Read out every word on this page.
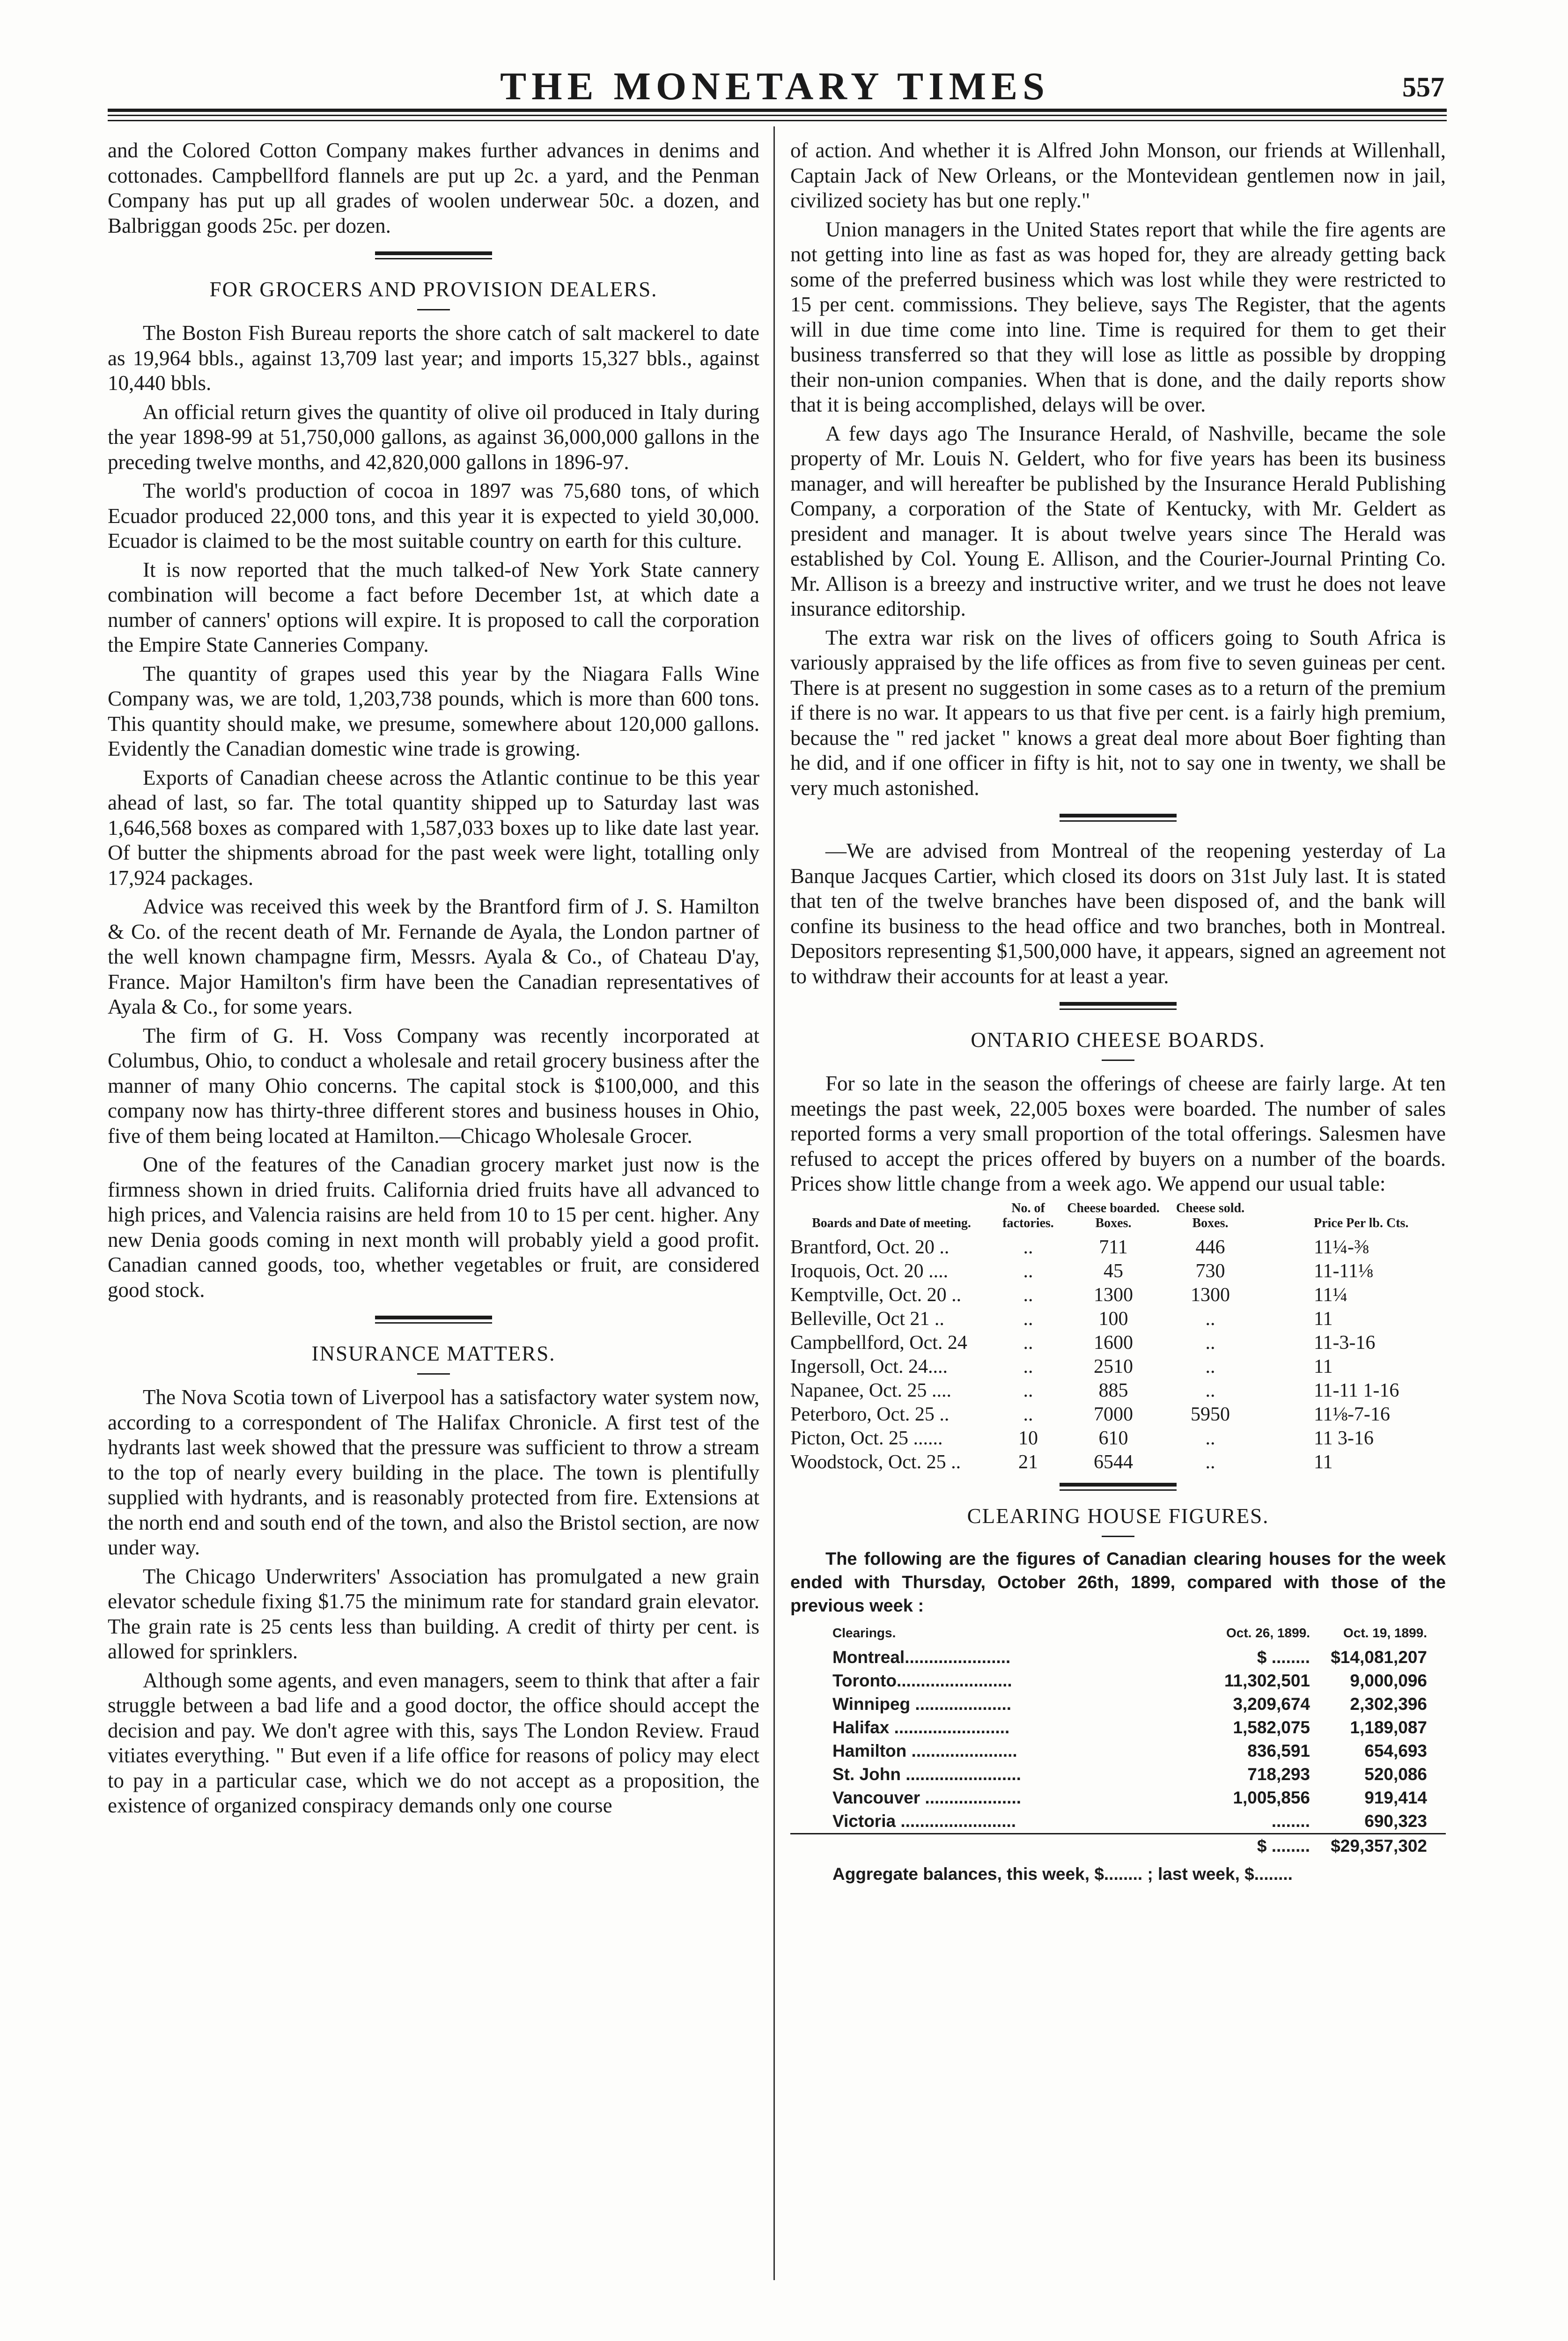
THE MONETARY TIMES	557

and the Colored Cotton Company makes further advances in denims and cottonades. Campbellford flannels are put up 2c. a yard, and the Penman Company has put up all grades of woolen underwear 50c. a dozen, and Balbriggan goods 25c. per dozen.

FOR GROCERS AND PROVISION DEALERS.

The Boston Fish Bureau reports the shore catch of salt mackerel to date as 19,964 bbls., against 13,709 last year; and imports 15,327 bbls., against 10,440 bbls.

An official return gives the quantity of olive oil produced in Italy during the year 1898-99 at 51,750,000 gallons, as against 36,000,000 gallons in the preceding twelve months, and 42,820,000 gallons in 1896-97.

The world's production of cocoa in 1897 was 75,680 tons, of which Ecuador produced 22,000 tons, and this year it is expected to yield 30,000. Ecuador is claimed to be the most suitable country on earth for this culture.

It is now reported that the much talked-of New York State cannery combination will become a fact before December 1st, at which date a number of canners' options will expire. It is proposed to call the corporation the Empire State Canneries Company.

The quantity of grapes used this year by the Niagara Falls Wine Company was, we are told, 1,203,738 pounds, which is more than 600 tons. This quantity should make, we presume, somewhere about 120,000 gallons. Evidently the Canadian domestic wine trade is growing.

Exports of Canadian cheese across the Atlantic continue to be this year ahead of last, so far. The total quantity shipped up to Saturday last was 1,646,568 boxes as compared with 1,587,033 boxes up to like date last year. Of butter the shipments abroad for the past week were light, totalling only 17,924 packages.

Advice was received this week by the Brantford firm of J. S. Hamilton & Co. of the recent death of Mr. Fernande de Ayala, the London partner of the well known champagne firm, Messrs. Ayala & Co., of Chateau D'ay, France. Major Hamilton's firm have been the Canadian representatives of Ayala & Co., for some years.

The firm of G. H. Voss Company was recently incorporated at Columbus, Ohio, to conduct a wholesale and retail grocery business after the manner of many Ohio concerns. The capital stock is $100,000, and this company now has thirty-three different stores and business houses in Ohio, five of them being located at Hamilton.—Chicago Wholesale Grocer.

One of the features of the Canadian grocery market just now is the firmness shown in dried fruits. California dried fruits have all advanced to high prices, and Valencia raisins are held from 10 to 15 per cent. higher. Any new Denia goods coming in next month will probably yield a good profit. Canadian canned goods, too, whether vegetables or fruit, are considered good stock.

INSURANCE MATTERS.

The Nova Scotia town of Liverpool has a satisfactory water system now, according to a correspondent of The Halifax Chronicle. A first test of the hydrants last week showed that the pressure was sufficient to throw a stream to the top of nearly every building in the place. The town is plentifully supplied with hydrants, and is reasonably protected from fire. Extensions at the north end and south end of the town, and also the Bristol section, are now under way.

The Chicago Underwriters' Association has promulgated a new grain elevator schedule fixing $1.75 the minimum rate for standard grain elevator. The grain rate is 25 cents less than building. A credit of thirty per cent. is allowed for sprinklers.

Although some agents, and even managers, seem to think that after a fair struggle between a bad life and a good doctor, the office should accept the decision and pay. We don't agree with this, says The London Review. Fraud vitiates everything. " But even if a life office for reasons of policy may elect to pay in a particular case, which we do not accept as a proposition, the existence of organized conspiracy demands only one course

of action. And whether it is Alfred John Monson, our friends at Willenhall, Captain Jack of New Orleans, or the Montevidean gentlemen now in jail, civilized society has but one reply."

Union managers in the United States report that while the fire agents are not getting into line as fast as was hoped for, they are already getting back some of the preferred business which was lost while they were restricted to 15 per cent. commissions. They believe, says The Register, that the agents will in due time come into line. Time is required for them to get their business transferred so that they will lose as little as possible by dropping their non-union companies. When that is done, and the daily reports show that it is being accomplished, delays will be over.

A few days ago The Insurance Herald, of Nashville, became the sole property of Mr. Louis N. Geldert, who for five years has been its business manager, and will hereafter be published by the Insurance Herald Publishing Company, a corporation of the State of Kentucky, with Mr. Geldert as president and manager. It is about twelve years since The Herald was established by Col. Young E. Allison, and the Courier-Journal Printing Co. Mr. Allison is a breezy and instructive writer, and we trust he does not leave insurance editorship.

The extra war risk on the lives of officers going to South Africa is variously appraised by the life offices as from five to seven guineas per cent. There is at present no suggestion in some cases as to a return of the premium if there is no war. It appears to us that five per cent. is a fairly high premium, because the " red jacket " knows a great deal more about Boer fighting than he did, and if one officer in fifty is hit, not to say one in twenty, we shall be very much astonished.

—We are advised from Montreal of the reopening yesterday of La Banque Jacques Cartier, which closed its doors on 31st July last. It is stated that ten of the twelve branches have been disposed of, and the bank will confine its business to the head office and two branches, both in Montreal. Depositors representing $1,500,000 have, it appears, signed an agreement not to withdraw their accounts for at least a year.

ONTARIO CHEESE BOARDS.

For so late in the season the offerings of cheese are fairly large. At ten meetings the past week, 22,005 boxes were boarded. The number of sales reported forms a very small proportion of the total offerings. Salesmen have refused to accept the prices offered by buyers on a number of the boards. Prices show little change from a week ago. We append our usual table:

Boards and Date of meeting.	No. of factories.	Cheese boarded. Boxes.	Cheese sold. Boxes.	Price Per lb. Cts.
Brantford, Oct. 20 ..	..	711	446	11¼-⅜
Iroquois, Oct. 20 ....	..	45	730	11-11⅛
Kemptville, Oct. 20 ..	..	1300	1300	11¼
Belleville, Oct 21 ..	..	100	..	11
Campbellford, Oct. 24	..	1600	..	11-3-16
Ingersoll, Oct. 24....	..	2510	..	11
Napanee, Oct. 25 ....	..	885	..	11-11 1-16
Peterboro, Oct. 25 ..	..	7000	5950	11⅛-7-16
Picton, Oct. 25 ......	10	610	..	11 3-16
Woodstock, Oct. 25 ..	21	6544	..	11
CLEARING HOUSE FIGURES.

The following are the figures of Canadian clearing houses for the week ended with Thursday, October 26th, 1899, compared with those of the previous week :

Clearings.	Oct. 26, 1899.	Oct. 19, 1899.
Montreal......................	$ ........	$14,081,207
Toronto........................	11,302,501	9,000,096
Winnipeg ....................	3,209,674	2,302,396
Halifax ........................	1,582,075	1,189,087
Hamilton ......................	836,591	654,693
St. John ........................	718,293	520,086
Vancouver ....................	1,005,856	919,414
Victoria ........................	........	690,323
	$ ........	$29,357,302
Aggregate balances, this week, $........ ; last week, $........
